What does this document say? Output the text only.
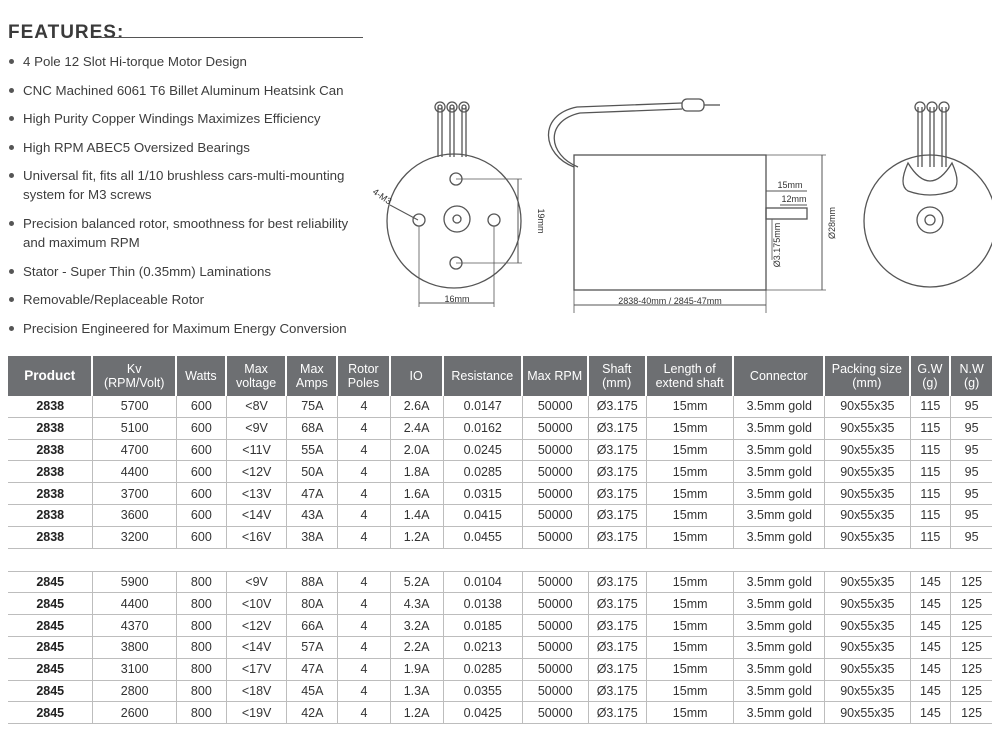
FEATURES:
4 Pole 12 Slot Hi-torque Motor Design
CNC Machined 6061 T6 Billet Aluminum Heatsink Can
High Purity Copper Windings Maximizes Efficiency
High RPM ABEC5 Oversized Bearings
Universal fit, fits all 1/10 brushless cars-multi-mounting system for M3 screws
Precision balanced rotor, smoothness for best reliability and maximum RPM
Stator - Super Thin (0.35mm) Laminations
Removable/Replaceable Rotor
Precision Engineered for Maximum Energy Conversion
4-M3
19mm
16mm
15mm
12mm
Ø3.175mm	Ø28mm
2838-40mm / 2845-47mm
Product	Kv (RPM/Volt)	Watts	Max voltage	Max Amps	Rotor Poles	IO	Resistance	Max RPM	Shaft (mm)	Length of extend shaft	Connector	Packing size (mm)	G.W (g)	N.W (g)
2838	5700	600	<8V	75A	4	2.6A	0.0147	50000	Ø3.175	15mm	3.5mm gold	90x55x35	115	95
2838	5100	600	<9V	68A	4	2.4A	0.0162	50000	Ø3.175	15mm	3.5mm gold	90x55x35	115	95
2838	4700	600	<11V	55A	4	2.0A	0.0245	50000	Ø3.175	15mm	3.5mm gold	90x55x35	115	95
2838	4400	600	<12V	50A	4	1.8A	0.0285	50000	Ø3.175	15mm	3.5mm gold	90x55x35	115	95
2838	3700	600	<13V	47A	4	1.6A	0.0315	50000	Ø3.175	15mm	3.5mm gold	90x55x35	115	95
2838	3600	600	<14V	43A	4	1.4A	0.0415	50000	Ø3.175	15mm	3.5mm gold	90x55x35	115	95
2838	3200	600	<16V	38A	4	1.2A	0.0455	50000	Ø3.175	15mm	3.5mm gold	90x55x35	115	95

2845	5900	800	<9V	88A	4	5.2A	0.0104	50000	Ø3.175	15mm	3.5mm gold	90x55x35	145	125
2845	4400	800	<10V	80A	4	4.3A	0.0138	50000	Ø3.175	15mm	3.5mm gold	90x55x35	145	125
2845	4370	800	<12V	66A	4	3.2A	0.0185	50000	Ø3.175	15mm	3.5mm gold	90x55x35	145	125
2845	3800	800	<14V	57A	4	2.2A	0.0213	50000	Ø3.175	15mm	3.5mm gold	90x55x35	145	125
2845	3100	800	<17V	47A	4	1.9A	0.0285	50000	Ø3.175	15mm	3.5mm gold	90x55x35	145	125
2845	2800	800	<18V	45A	4	1.3A	0.0355	50000	Ø3.175	15mm	3.5mm gold	90x55x35	145	125
2845	2600	800	<19V	42A	4	1.2A	0.0425	50000	Ø3.175	15mm	3.5mm gold	90x55x35	145	125
